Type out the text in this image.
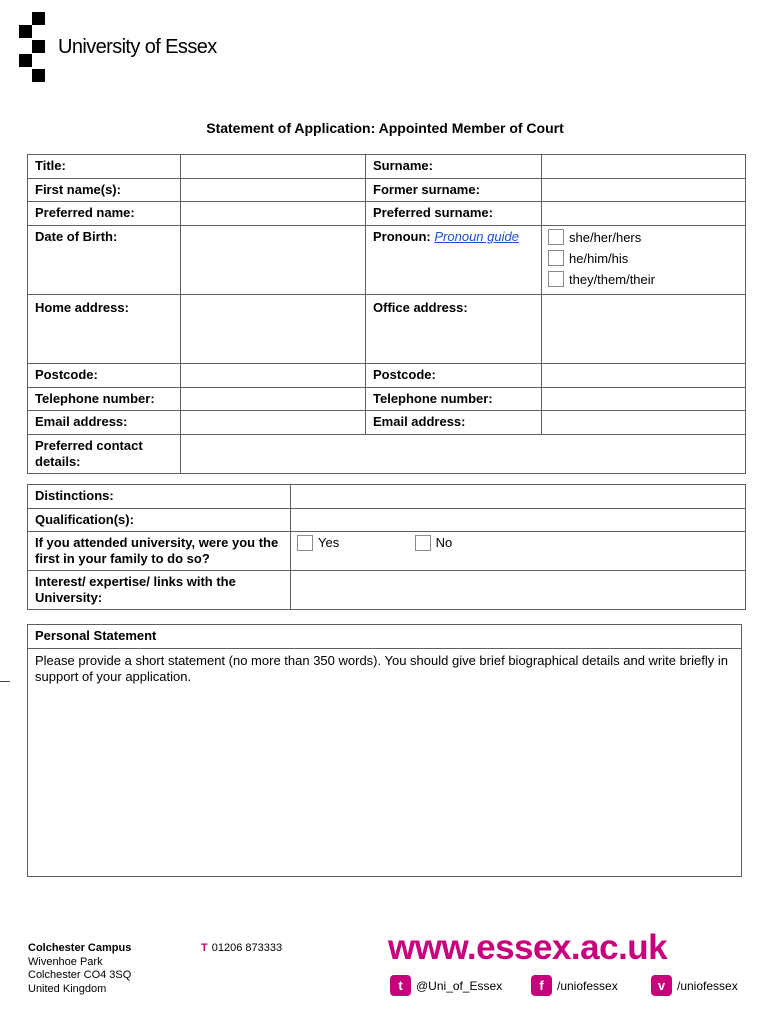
University of Essex
Statement of Application: Appointed Member of Court
Title:		Surname:	
First name(s):		Former surname:	
Preferred name:		Preferred surname:	
Date of Birth:		Pronoun: Pronoun guide	she/her/hers
he/him/his
they/them/their

Home address:		Office address:	
Postcode:		Postcode:	
Telephone number:		Telephone number:	
Email address:		Email address:	
Preferred contact details:			
Distinctions:	
Qualification(s):	
If you attended university, were you the first in your family to do so?	Yes
No

Interest/ expertise/ links with the University:	
Personal Statement
Please provide a short statement (no more than 350 words). You should give brief biographical details and write briefly in support of your application.
Colchester Campus
Wivenhoe Park
Colchester CO4 3SQ
United Kingdom
T 01206 873333	www.essex.ac.uk
t	@Uni_of_Essex	f	/uniofessex	v /uniofessex
